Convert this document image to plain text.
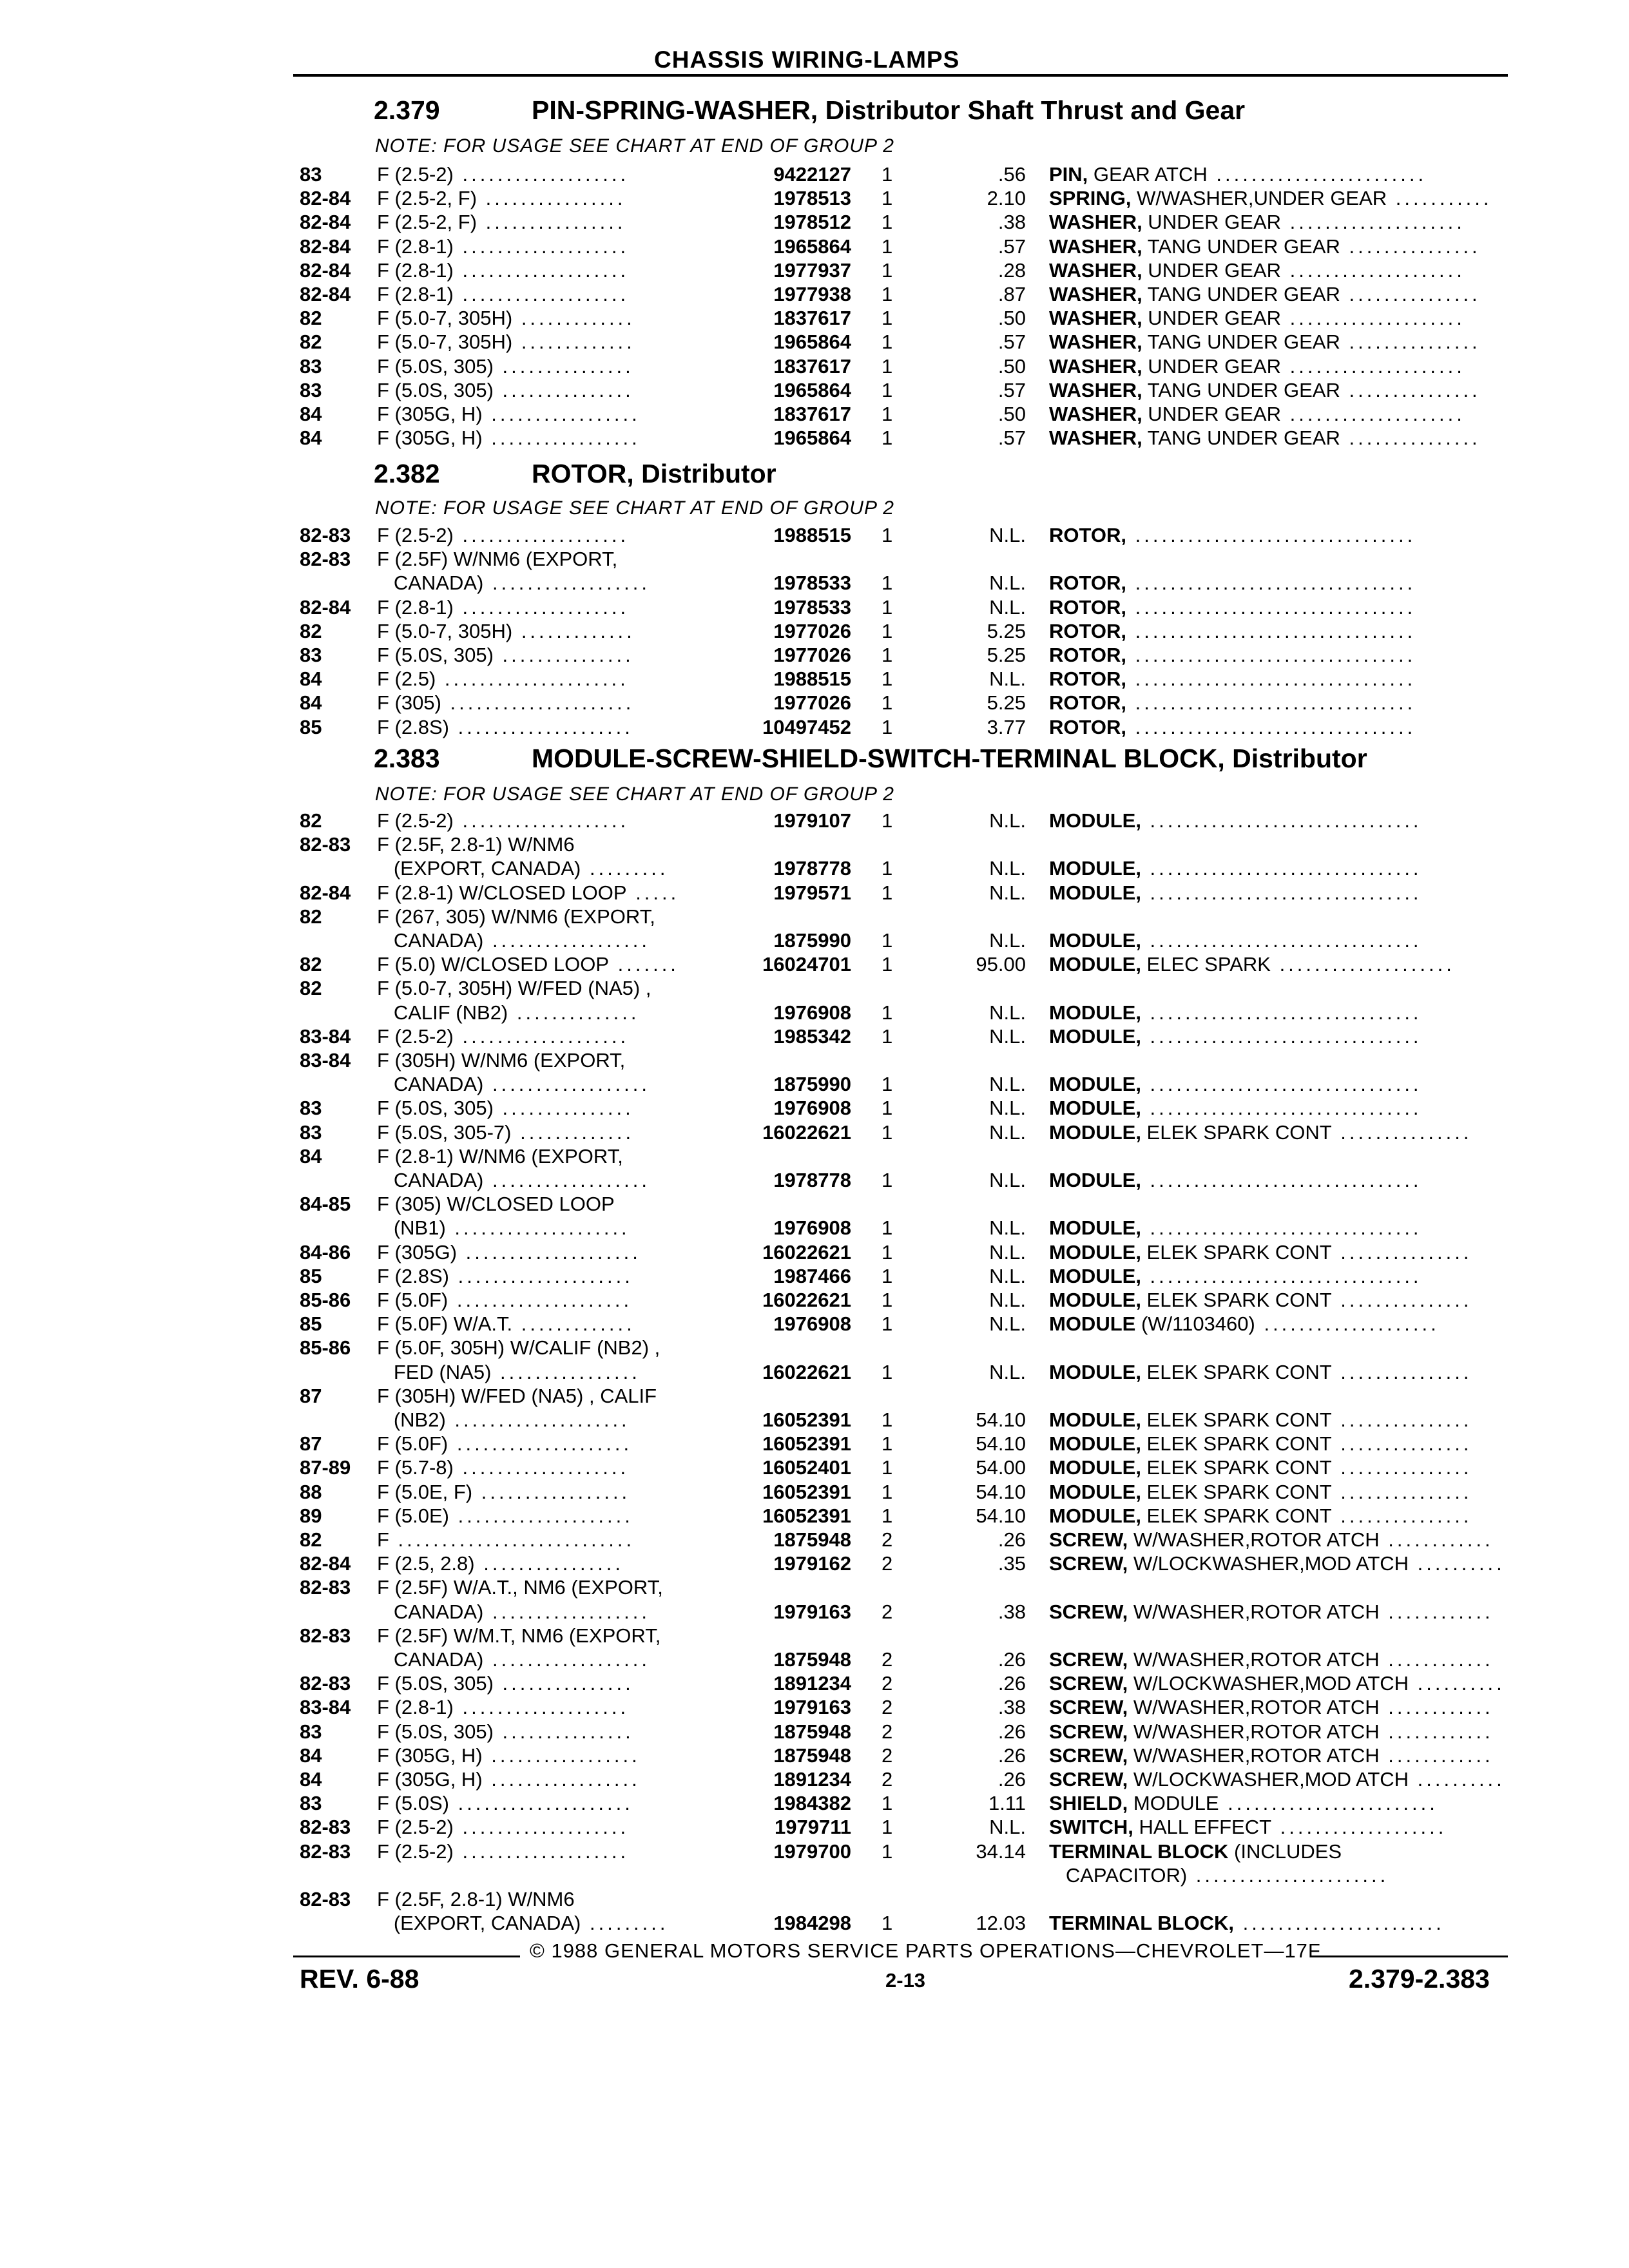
CHASSIS WIRING-LAMPS
2.379	PIN-SPRING-WASHER, Distributor Shaft Thrust and Gear
NOTE: FOR USAGE SEE CHART AT END OF GROUP 2
2.382	ROTOR, Distributor
NOTE: FOR USAGE SEE CHART AT END OF GROUP 2
2.383	MODULE-SCREW-SHIELD-SWITCH-TERMINAL BLOCK, Distributor
NOTE: FOR USAGE SEE CHART AT END OF GROUP 2
83	F (2.5-2) ...................	9422127 1	.56 PIN, GEAR ATCH ........................
82-84 F (2.5-2, F) ................	1978513 1	2.10 SPRING, W/WASHER,UNDER GEAR ...........
82-84 F (2.5-2, F) ................	1978512 1	.38 WASHER, UNDER GEAR ....................
82-84 F (2.8-1) ...................	1965864 1	.57 WASHER, TANG UNDER GEAR ...............
82-84 F (2.8-1) ...................	1977937 1	.28 WASHER, UNDER GEAR ....................
82-84 F (2.8-1) ...................	1977938 1	.87 WASHER, TANG UNDER GEAR ...............
82	F (5.0-7, 305H) .............	1837617 1	.50 WASHER, UNDER GEAR ....................
82	F (5.0-7, 305H) .............	1965864 1	.57 WASHER, TANG UNDER GEAR ...............
83	F (5.0S, 305) ...............	1837617 1	.50 WASHER, UNDER GEAR ....................
83	F (5.0S, 305) ...............	1965864 1	.57 WASHER, TANG UNDER GEAR ...............
84	F (305G, H) .................	1837617 1	.50 WASHER, UNDER GEAR ....................
84	F (305G, H) .................	1965864 1	.57 WASHER, TANG UNDER GEAR ...............
82-83 F (2.5-2) ...................	1988515 1	N.L. ROTOR, ................................
82-83 F (2.5F) W/NM6 (EXPORT,
CANADA) ..................	1978533 1	N.L. ROTOR, ................................
82-84 F (2.8-1) ...................	1978533 1	N.L. ROTOR, ................................
82	F (5.0-7, 305H) .............	1977026 1	5.25 ROTOR, ................................
83	F (5.0S, 305) ...............	1977026 1	5.25 ROTOR, ................................
84	F (2.5) .....................	1988515 1	N.L. ROTOR, ................................
84	F (305) .....................	1977026 1	5.25 ROTOR, ................................
85	F (2.8S) ....................	10497452 1	3.77 ROTOR, ................................
82	F (2.5-2) ...................	1979107 1	N.L. MODULE, ...............................
82-83 F (2.5F, 2.8-1) W/NM6
(EXPORT, CANADA) .........	1978778 1	N.L. MODULE, ...............................
82-84 F (2.8-1) W/CLOSED LOOP .....	1979571 1	N.L. MODULE, ...............................
82	F (267, 305) W/NM6 (EXPORT,
CANADA) ..................	1875990 1	N.L. MODULE, ...............................
82	F (5.0) W/CLOSED LOOP .......	16024701 1	95.00 MODULE, ELEC SPARK ....................
82	F (5.0-7, 305H) W/FED (NA5) ,
CALIF (NB2) ..............	1976908 1	N.L. MODULE, ...............................
83-84 F (2.5-2) ...................	1985342 1	N.L. MODULE, ...............................
83-84 F (305H) W/NM6 (EXPORT,
CANADA) ..................	1875990 1	N.L. MODULE, ...............................
83	F (5.0S, 305) ...............	1976908 1	N.L. MODULE, ...............................
83	F (5.0S, 305-7) .............	16022621 1	N.L. MODULE, ELEK SPARK CONT ...............
84	F (2.8-1) W/NM6 (EXPORT,
CANADA) ..................	1978778 1	N.L. MODULE, ...............................
84-85 F (305) W/CLOSED LOOP
(NB1) ....................	1976908 1	N.L. MODULE, ...............................
84-86 F (305G) ....................	16022621 1	N.L. MODULE, ELEK SPARK CONT ...............
85	F (2.8S) ....................	1987466 1	N.L. MODULE, ...............................
85-86 F (5.0F) ....................	16022621 1	N.L. MODULE, ELEK SPARK CONT ...............
85	F (5.0F) W/A.T. .............	1976908 1	N.L. MODULE (W/1103460) ....................
85-86 F (5.0F, 305H) W/CALIF (NB2) ,
FED (NA5) ................	16022621 1	N.L. MODULE, ELEK SPARK CONT ...............
87	F (305H) W/FED (NA5) , CALIF
(NB2) ....................	16052391 1	54.10 MODULE, ELEK SPARK CONT ...............
87	F (5.0F) ....................	16052391 1	54.10 MODULE, ELEK SPARK CONT ...............
87-89 F (5.7-8) ...................	16052401 1	54.00 MODULE, ELEK SPARK CONT ...............
88	F (5.0E, F) .................	16052391 1	54.10 MODULE, ELEK SPARK CONT ...............
89	F (5.0E) ....................	16052391 1	54.10 MODULE, ELEK SPARK CONT ...............
82	F ...........................	1875948 2	.26 SCREW, W/WASHER,ROTOR ATCH ............
82-84 F (2.5, 2.8) ................	1979162 2	.35 SCREW, W/LOCKWASHER,MOD ATCH ..........
82-83 F (2.5F) W/A.T., NM6 (EXPORT,
CANADA) ..................	1979163 2	.38 SCREW, W/WASHER,ROTOR ATCH ............
82-83 F (2.5F) W/M.T, NM6 (EXPORT,
CANADA) ..................	1875948 2	.26 SCREW, W/WASHER,ROTOR ATCH ............
82-83 F (5.0S, 305) ...............	1891234 2	.26 SCREW, W/LOCKWASHER,MOD ATCH ..........
83-84 F (2.8-1) ...................	1979163 2	.38 SCREW, W/WASHER,ROTOR ATCH ............
83	F (5.0S, 305) ...............	1875948 2	.26 SCREW, W/WASHER,ROTOR ATCH ............
84	F (305G, H) .................	1875948 2	.26 SCREW, W/WASHER,ROTOR ATCH ............
84	F (305G, H) .................	1891234 2	.26 SCREW, W/LOCKWASHER,MOD ATCH ..........
83	F (5.0S) ....................	1984382 1	1.11 SHIELD, MODULE ........................
82-83 F (2.5-2) ...................	1979711 1	N.L. SWITCH, HALL EFFECT ...................
82-83 F (2.5-2) ...................	1979700 1	34.14 TERMINAL BLOCK (INCLUDES
CAPACITOR) ......................
82-83 F (2.5F, 2.8-1) W/NM6
(EXPORT, CANADA) .........	1984298 1	12.03 TERMINAL BLOCK, .......................
© 1988 GENERAL MOTORS SERVICE PARTS OPERATIONS—CHEVROLET—17F
REV. 6-88	2-13	2.379-2.383
